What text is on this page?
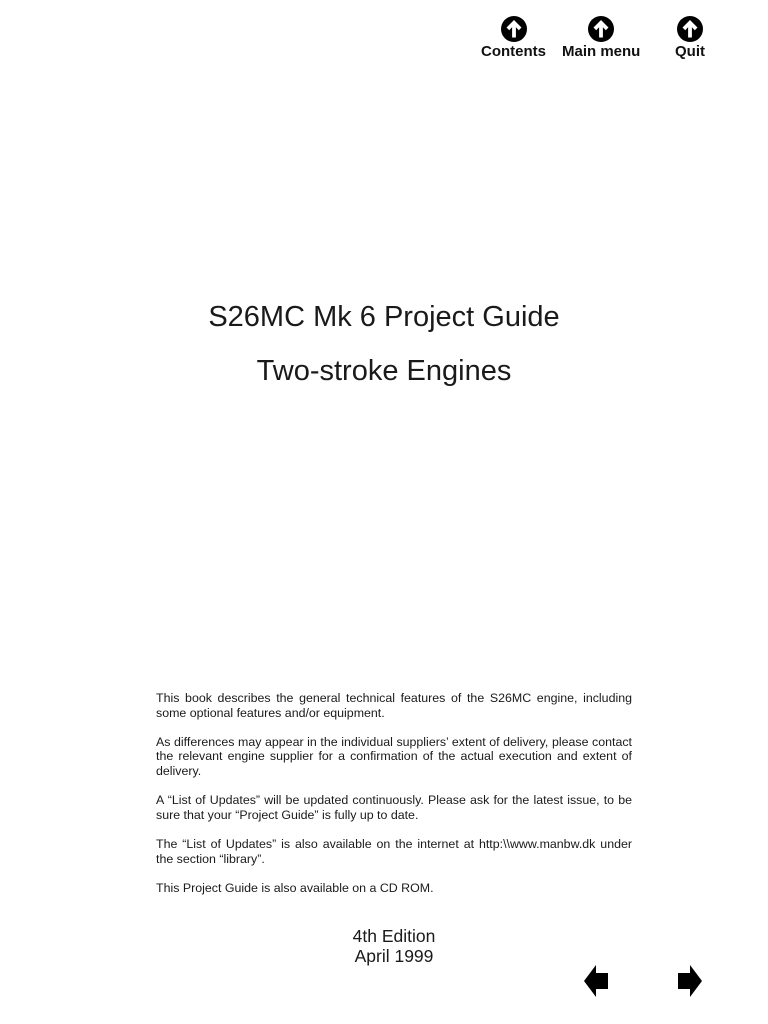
Contents Main menu Quit
S26MC Mk 6 Project Guide
Two-stroke Engines

This book describes the general technical features of the S26MC engine, including some optional features and/or equipment.

As differences may appear in the individual suppliers’ extent of delivery, please contact the relevant engine supplier for a confirmation of the actual execution and extent of delivery.

A “List of Updates” will be updated continuously. Please ask for the latest issue, to be sure that your “Project Guide” is fully up to date.

The “List of Updates” is also available on the internet at http:\\www.manbw.dk under the section “library”.

This Project Guide is also available on a CD ROM.

4th Edition
April 1999
